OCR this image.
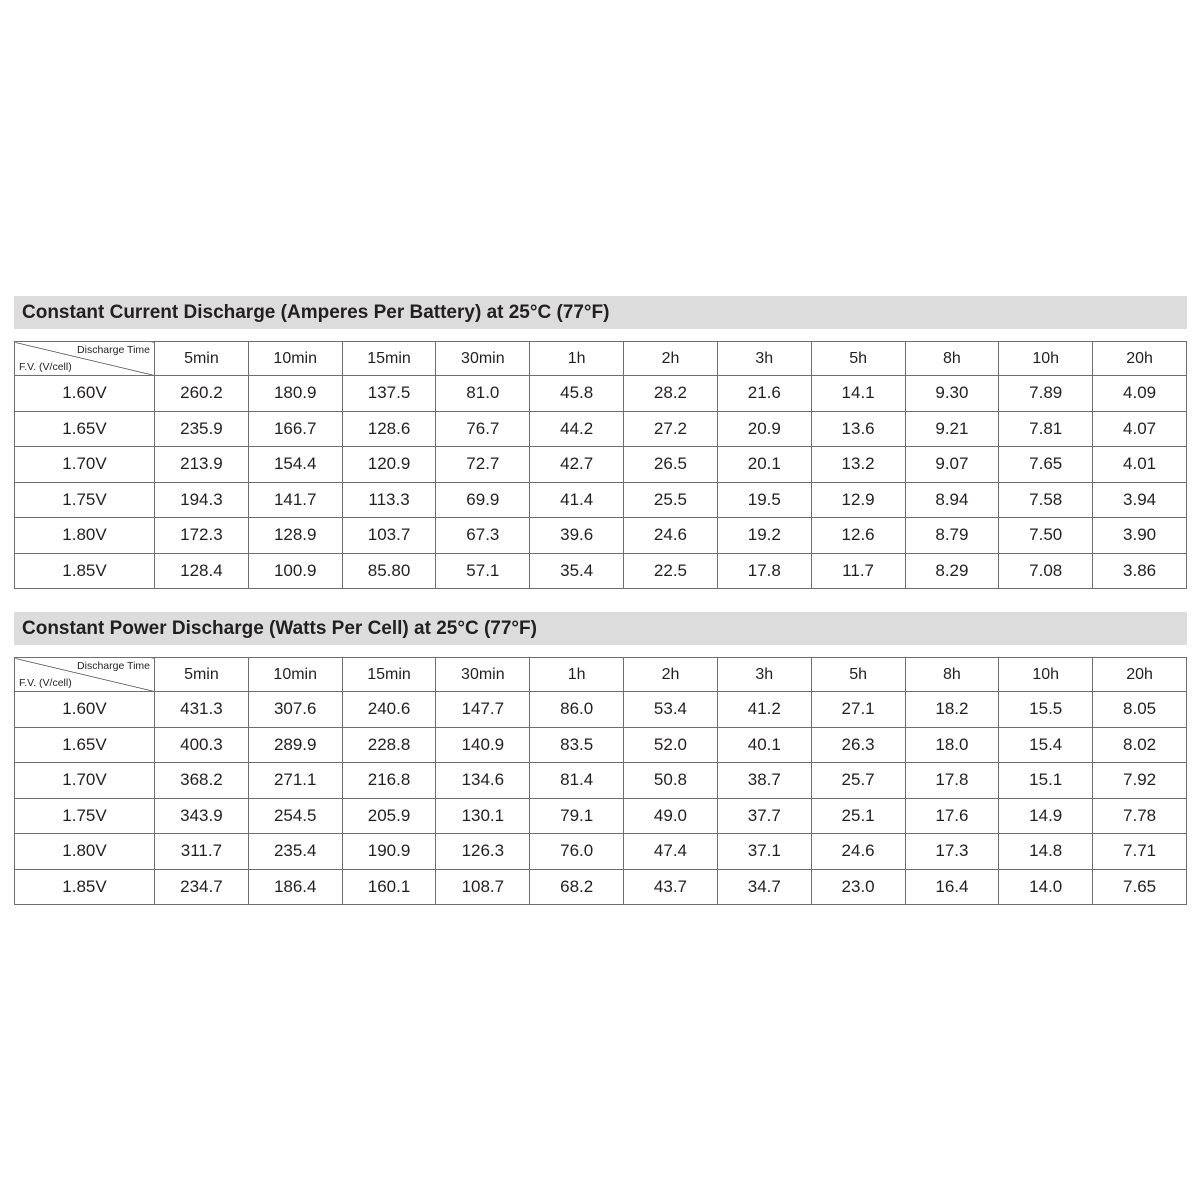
Constant Current Discharge (Amperes Per Battery) at 25°C (77°F)
Discharge Time
F.V. (V/cell)	5min	10min	15min	30min	1h	2h	3h	5h	8h	10h	20h
1.60V	260.2	180.9	137.5	81.0	45.8	28.2	21.6	14.1	9.30	7.89	4.09
1.65V	235.9	166.7	128.6	76.7	44.2	27.2	20.9	13.6	9.21	7.81	4.07
1.70V	213.9	154.4	120.9	72.7	42.7	26.5	20.1	13.2	9.07	7.65	4.01
1.75V	194.3	141.7	113.3	69.9	41.4	25.5	19.5	12.9	8.94	7.58	3.94
1.80V	172.3	128.9	103.7	67.3	39.6	24.6	19.2	12.6	8.79	7.50	3.90
1.85V	128.4	100.9	85.80	57.1	35.4	22.5	17.8	11.7	8.29	7.08	3.86
Constant Power Discharge (Watts Per Cell) at 25°C (77°F)
Discharge Time
F.V. (V/cell)	5min	10min	15min	30min	1h	2h	3h	5h	8h	10h	20h
1.60V	431.3	307.6	240.6	147.7	86.0	53.4	41.2	27.1	18.2	15.5	8.05
1.65V	400.3	289.9	228.8	140.9	83.5	52.0	40.1	26.3	18.0	15.4	8.02
1.70V	368.2	271.1	216.8	134.6	81.4	50.8	38.7	25.7	17.8	15.1	7.92
1.75V	343.9	254.5	205.9	130.1	79.1	49.0	37.7	25.1	17.6	14.9	7.78
1.80V	311.7	235.4	190.9	126.3	76.0	47.4	37.1	24.6	17.3	14.8	7.71
1.85V	234.7	186.4	160.1	108.7	68.2	43.7	34.7	23.0	16.4	14.0	7.65
